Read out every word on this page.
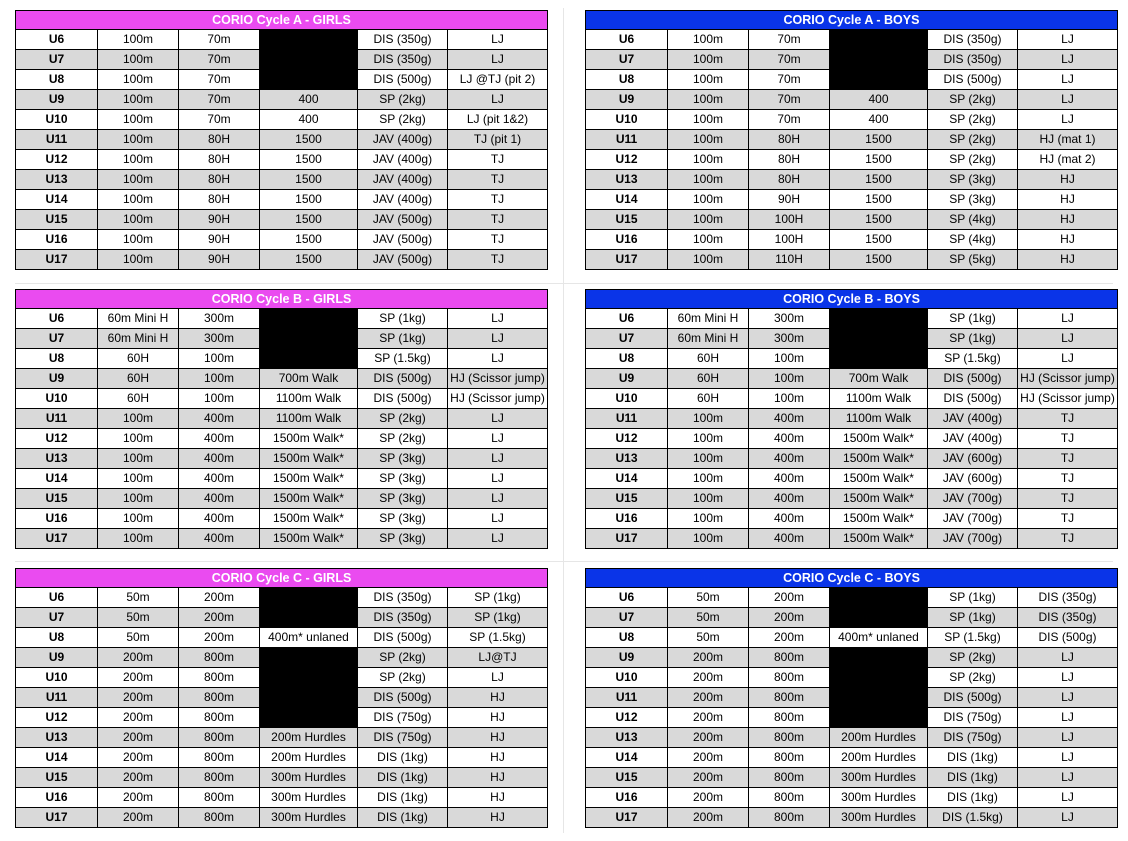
CORIO Cycle A - GIRLS					
U6	100m	70m		DIS (350g)	LJ
U7	100m	70m		DIS (350g)	LJ
U8	100m	70m		DIS (500g)	LJ @TJ (pit 2)
U9	100m	70m	400	SP (2kg)	LJ
U10	100m	70m	400	SP (2kg)	LJ (pit 1&2)
U11	100m	80H	1500	JAV (400g)	TJ (pit 1)
U12	100m	80H	1500	JAV (400g)	TJ
U13	100m	80H	1500	JAV (400g)	TJ
U14	100m	80H	1500	JAV (400g)	TJ
U15	100m	90H	1500	JAV (500g)	TJ
U16	100m	90H	1500	JAV (500g)	TJ
U17	100m	90H	1500	JAV (500g)	TJ
CORIO Cycle A - BOYS					
U6	100m	70m		DIS (350g)	LJ
U7	100m	70m		DIS (350g)	LJ
U8	100m	70m		DIS (500g)	LJ
U9	100m	70m	400	SP (2kg)	LJ
U10	100m	70m	400	SP (2kg)	LJ
U11	100m	80H	1500	SP (2kg)	HJ (mat 1)
U12	100m	80H	1500	SP (2kg)	HJ (mat 2)
U13	100m	80H	1500	SP (3kg)	HJ
U14	100m	90H	1500	SP (3kg)	HJ
U15	100m	100H	1500	SP (4kg)	HJ
U16	100m	100H	1500	SP (4kg)	HJ
U17	100m	110H	1500	SP (5kg)	HJ
CORIO Cycle B - GIRLS					
U6	60m Mini H	300m		SP (1kg)	LJ
U7	60m Mini H	300m		SP (1kg)	LJ
U8	60H	100m		SP (1.5kg)	LJ
U9	60H	100m	700m Walk	DIS (500g)	HJ (Scissor jump)
U10	60H	100m	1100m Walk	DIS (500g)	HJ (Scissor jump)
U11	100m	400m	1100m Walk	SP (2kg)	LJ
U12	100m	400m	1500m Walk*	SP (2kg)	LJ
U13	100m	400m	1500m Walk*	SP (3kg)	LJ
U14	100m	400m	1500m Walk*	SP (3kg)	LJ
U15	100m	400m	1500m Walk*	SP (3kg)	LJ
U16	100m	400m	1500m Walk*	SP (3kg)	LJ
U17	100m	400m	1500m Walk*	SP (3kg)	LJ
CORIO Cycle B - BOYS					
U6	60m Mini H	300m		SP (1kg)	LJ
U7	60m Mini H	300m		SP (1kg)	LJ
U8	60H	100m		SP (1.5kg)	LJ
U9	60H	100m	700m Walk	DIS (500g)	HJ (Scissor jump)
U10	60H	100m	1100m Walk	DIS (500g)	HJ (Scissor jump)
U11	100m	400m	1100m Walk	JAV (400g)	TJ
U12	100m	400m	1500m Walk*	JAV (400g)	TJ
U13	100m	400m	1500m Walk*	JAV (600g)	TJ
U14	100m	400m	1500m Walk*	JAV (600g)	TJ
U15	100m	400m	1500m Walk*	JAV (700g)	TJ
U16	100m	400m	1500m Walk*	JAV (700g)	TJ
U17	100m	400m	1500m Walk*	JAV (700g)	TJ
CORIO Cycle C - GIRLS					
U6	50m	200m		DIS (350g)	SP (1kg)
U7	50m	200m		DIS (350g)	SP (1kg)
U8	50m	200m	400m* unlaned	DIS (500g)	SP (1.5kg)
U9	200m	800m		SP (2kg)	LJ@TJ
U10	200m	800m		SP (2kg)	LJ
U11	200m	800m		DIS (500g)	HJ
U12	200m	800m		DIS (750g)	HJ
U13	200m	800m	200m Hurdles	DIS (750g)	HJ
U14	200m	800m	200m Hurdles	DIS (1kg)	HJ
U15	200m	800m	300m Hurdles	DIS (1kg)	HJ
U16	200m	800m	300m Hurdles	DIS (1kg)	HJ
U17	200m	800m	300m Hurdles	DIS (1kg)	HJ
CORIO Cycle C - BOYS					
U6	50m	200m		SP (1kg)	DIS (350g)
U7	50m	200m		SP (1kg)	DIS (350g)
U8	50m	200m	400m* unlaned	SP (1.5kg)	DIS (500g)
U9	200m	800m		SP (2kg)	LJ
U10	200m	800m		SP (2kg)	LJ
U11	200m	800m		DIS (500g)	LJ
U12	200m	800m		DIS (750g)	LJ
U13	200m	800m	200m Hurdles	DIS (750g)	LJ
U14	200m	800m	200m Hurdles	DIS (1kg)	LJ
U15	200m	800m	300m Hurdles	DIS (1kg)	LJ
U16	200m	800m	300m Hurdles	DIS (1kg)	LJ
U17	200m	800m	300m Hurdles	DIS (1.5kg)	LJ
